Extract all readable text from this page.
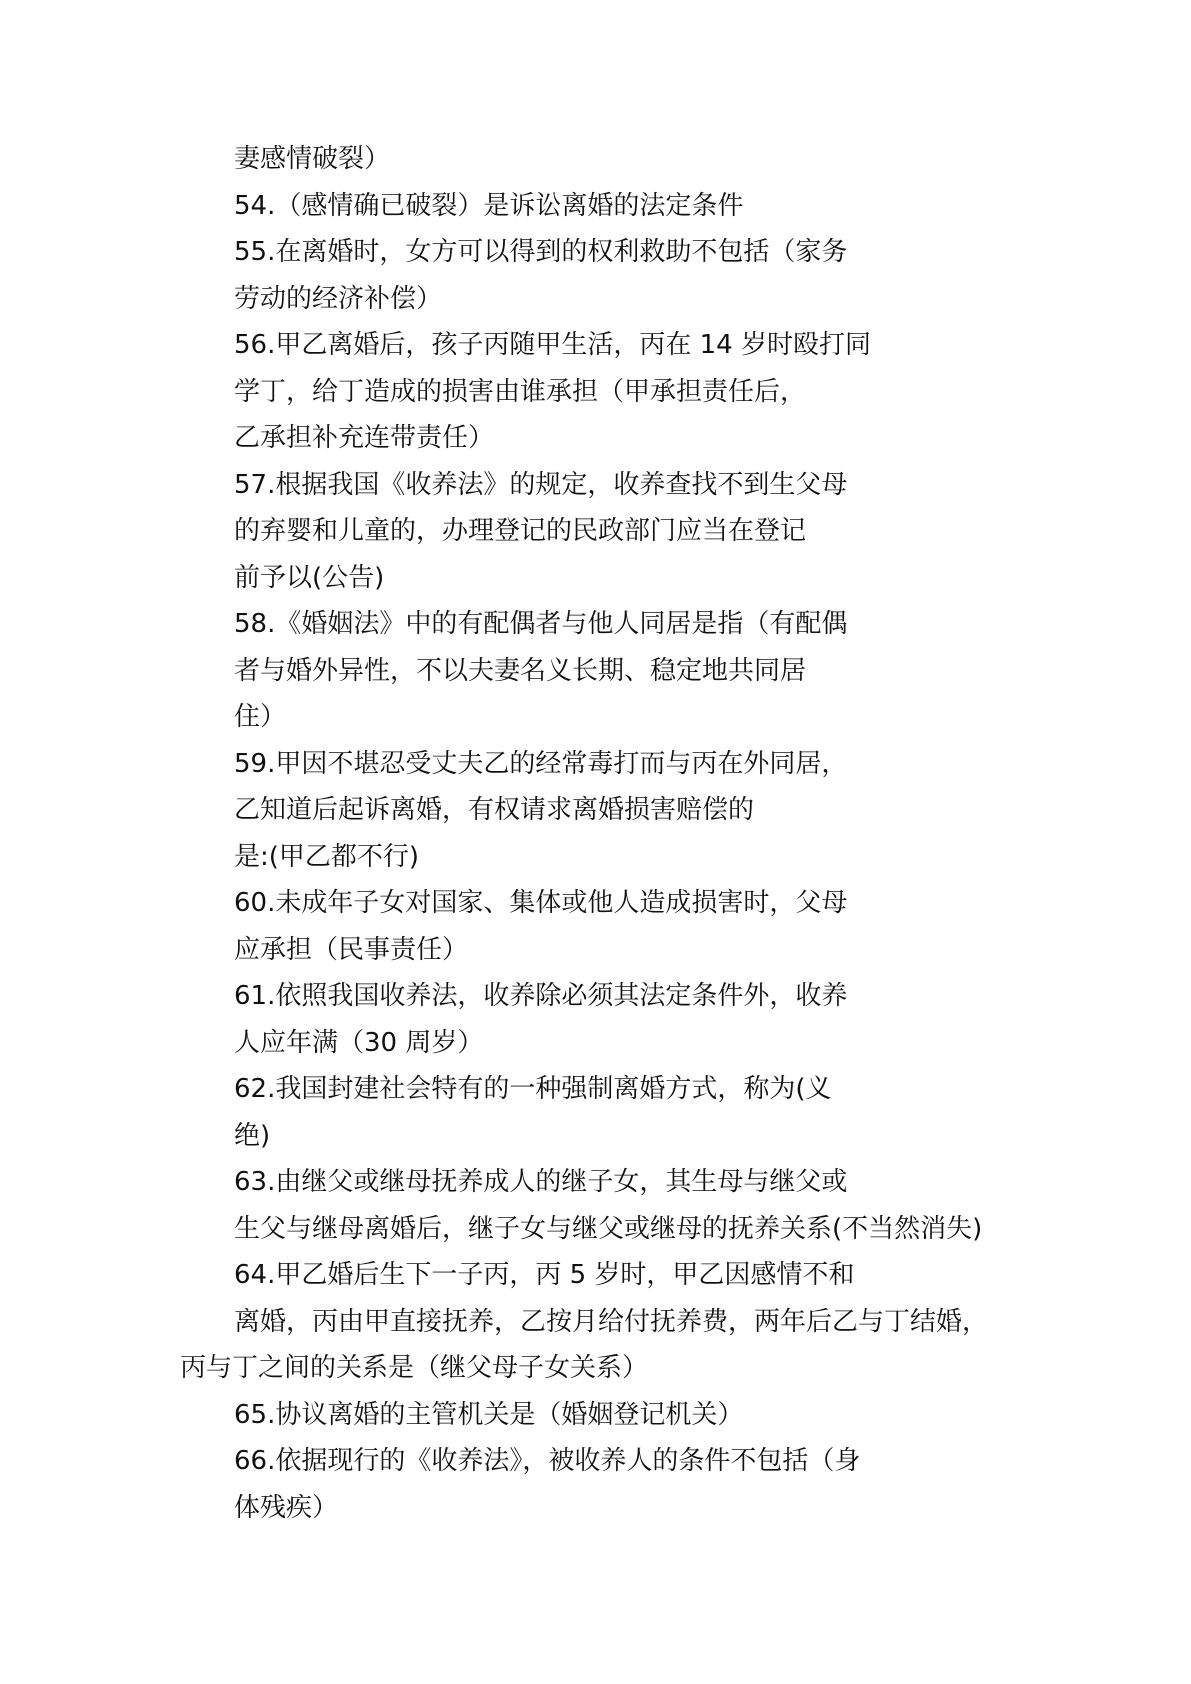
妻感情破裂）

54.（感情确已破裂）是诉讼离婚的法定条件

55.在离婚时，女方可以得到的权利救助不包括（家务

劳动的经济补偿）

56.甲乙离婚后，孩子丙随甲生活，丙在 14 岁时殴打同

学丁，给丁造成的损害由谁承担（甲承担责任后，

乙承担补充连带责任）

57.根据我国《收养法》的规定，收养查找不到生父母

的弃婴和儿童的，办理登记的民政部门应当在登记

前予以(公告)

58.《婚姻法》中的有配偶者与他人同居是指（有配偶

者与婚外异性，不以夫妻名义长期、稳定地共同居

住）

59.甲因不堪忍受丈夫乙的经常毒打而与丙在外同居，

乙知道后起诉离婚，有权请求离婚损害赔偿的

是:(甲乙都不行)

60.未成年子女对国家、集体或他人造成损害时，父母

应承担（民事责任）

61.依照我国收养法，收养除必须其法定条件外，收养

人应年满（30 周岁）

62.我国封建社会特有的一种强制离婚方式，称为(义

绝)

63.由继父或继母抚养成人的继子女，其生母与继父或

生父与继母离婚后，继子女与继父或继母的抚养关系(不当然消失)

64.甲乙婚后生下一子丙，丙 5 岁时，甲乙因感情不和

离婚，丙由甲直接抚养，乙按月给付抚养费，两年后乙与丁结婚，

丙与丁之间的关系是（继父母子女关系）

65.协议离婚的主管机关是（婚姻登记机关）

66.依据现行的《收养法》，被收养人的条件不包括（身

体残疾）
